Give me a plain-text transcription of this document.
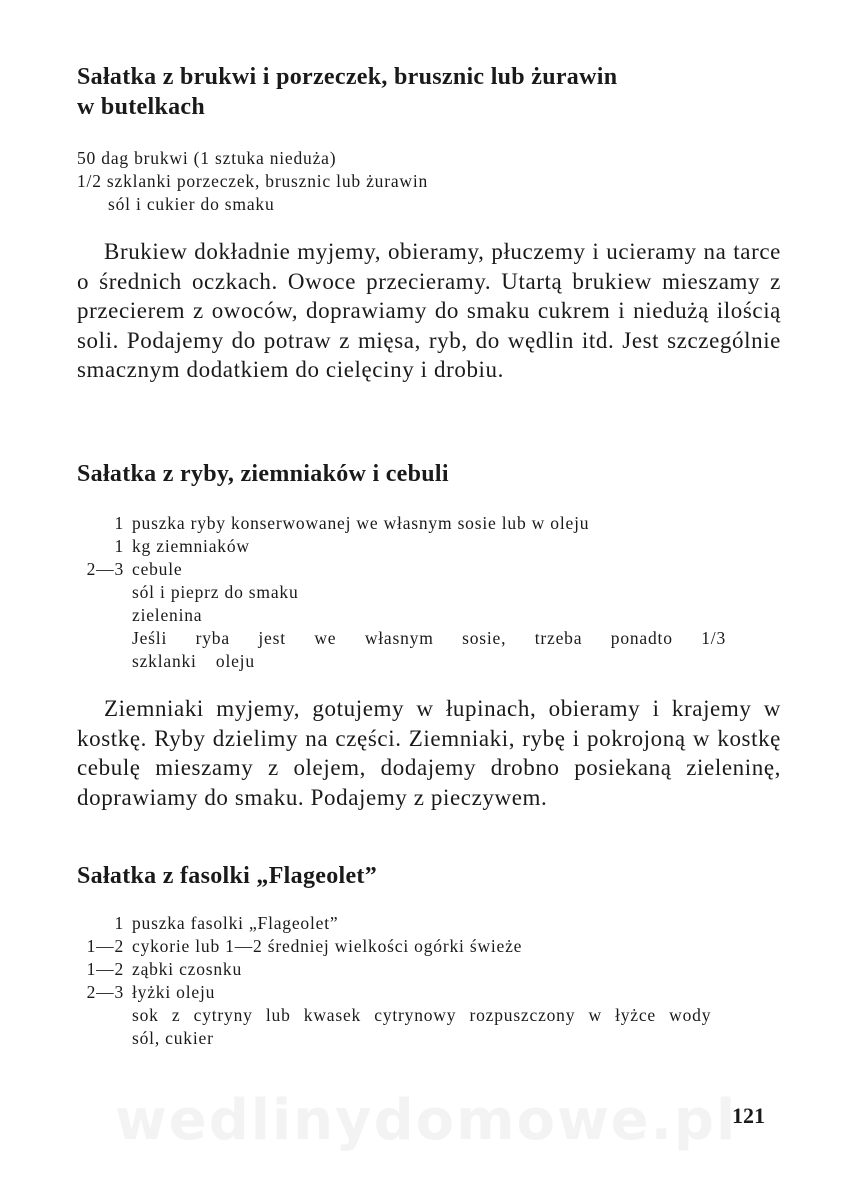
Sałatka z brukwi i porzeczek, brusznic lub żurawin w butelkach
50 dag brukwi (1 sztuka nieduża)
1/2 szklanki porzeczek, brusznic lub żurawin
sól i cukier do smaku

Brukiew dokładnie myjemy, obieramy, płuczemy i ucieramy na tarce o średnich oczkach. Owoce przecieramy. Utartą brukiew mieszamy z przecierem z owoców, doprawiamy do smaku cukrem i niedużą ilością soli. Podajemy do potraw z mięsa, ryb, do wędlin itd. Jest szczególnie smacznym dodatkiem do cielęciny i drobiu.

Sałatka z ryby, ziemniaków i cebuli
1 puszka ryby konserwowanej we własnym sosie lub w oleju
1 kg ziemniaków
2—3 cebule
sól i pieprz do smaku
zielenina
Jeśli ryba jest we własnym sosie, trzeba ponadto 1/3 szklanki oleju

Ziemniaki myjemy, gotujemy w łupinach, obieramy i krajemy w kostkę. Ryby dzielimy na części. Ziemniaki, rybę i pokrojoną w kostkę cebulę mieszamy z olejem, dodajemy drobno posiekaną zieleninę, doprawiamy do smaku. Podajemy z pieczywem.

Sałatka z fasolki „Flageolet”
1 puszka fasolki „Flageolet”
1—2 cykorie lub 1—2 średniej wielkości ogórki świeże
1—2 ząbki czosnku
2—3 łyżki oleju
sok z cytryny lub kwasek cytrynowy rozpuszczony w łyżce wody
sól, cukier
wedlinydomowe.pl
121
